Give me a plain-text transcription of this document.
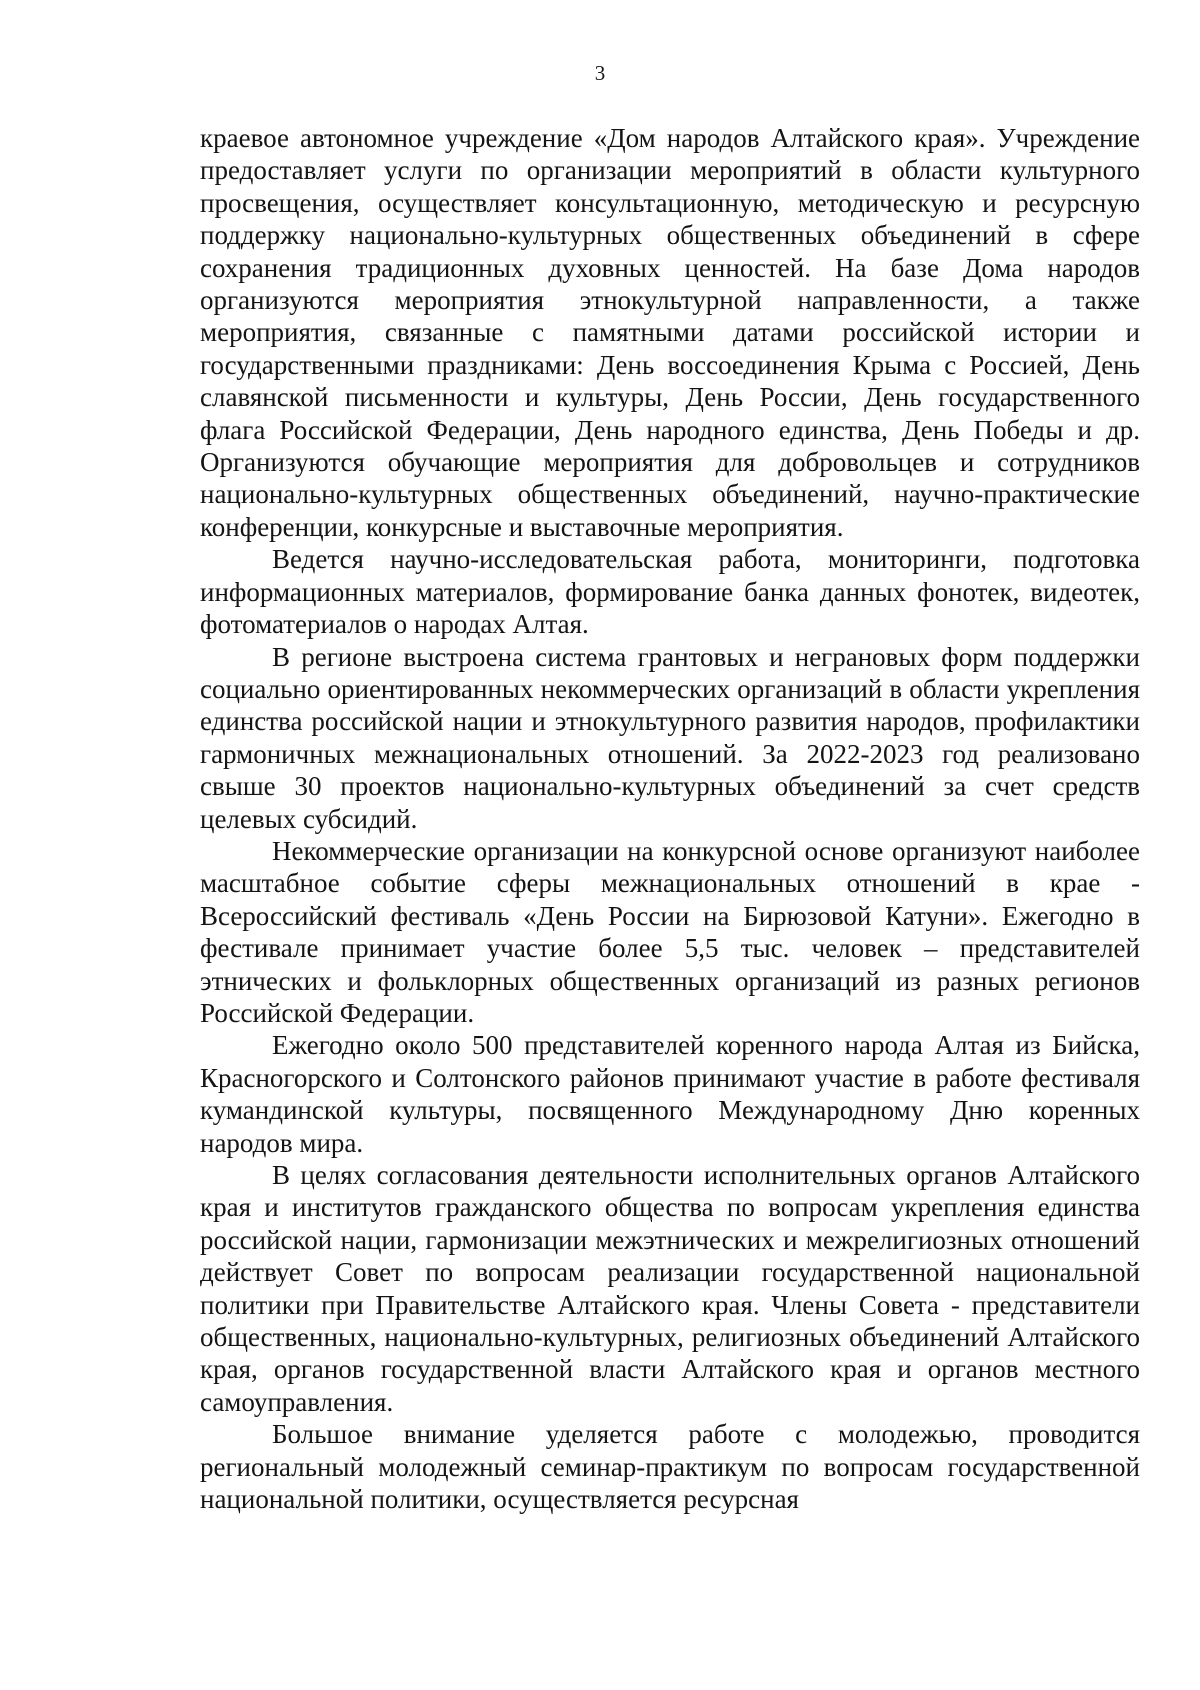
3

краевое автономное учреждение «Дом народов Алтайского края». Учреждение предоставляет услуги по организации мероприятий в области культурного просвещения, осуществляет консультационную, методическую и ресурсную поддержку национально-культурных общественных объединений в сфере сохранения традиционных духовных ценностей. На базе Дома народов организуются мероприятия этнокультурной направленности, а также мероприятия, связанные с памятными датами российской истории и государственными праздниками: День воссоединения Крыма с Россией, День славянской письменности и культуры, День России, День государственного флага Российской Федерации, День народного единства, День Победы и др. Организуются обучающие мероприятия для добровольцев и сотрудников национально-культурных общественных объединений, научно-практические конференции, конкурсные и выставочные мероприятия.

Ведется научно-исследовательская работа, мониторинги, подготовка информационных материалов, формирование банка данных фонотек, видеотек, фотоматериалов о народах Алтая.

В регионе выстроена система грантовых и неграновых форм поддержки социально ориентированных некоммерческих организаций в области укрепления единства российской нации и этнокультурного развития народов, профилактики гармоничных межнациональных отношений. За 2022-2023 год реализовано свыше 30 проектов национально-культурных объединений за счет средств целевых субсидий.

Некоммерческие организации на конкурсной основе организуют наиболее масштабное событие сферы межнациональных отношений в крае - Всероссийский фестиваль «День России на Бирюзовой Катуни». Ежегодно в фестивале принимает участие более 5,5 тыс. человек – представителей этнических и фольклорных общественных организаций из разных регионов Российской Федерации.

Ежегодно около 500 представителей коренного народа Алтая из Бийска, Красногорского и Солтонского районов принимают участие в работе фестиваля кумандинской культуры, посвященного Международному Дню коренных народов мира.

В целях согласования деятельности исполнительных органов Алтайского края и институтов гражданского общества по вопросам укрепления единства российской нации, гармонизации межэтнических и межрелигиозных отношений действует Совет по вопросам реализации государственной национальной политики при Правительстве Алтайского края. Члены Совета - представители общественных, национально-культурных, религиозных объединений Алтайского края, органов государственной власти Алтайского края и органов местного самоуправления.

Большое внимание уделяется работе с молодежью, проводится региональный молодежный семинар-практикум по вопросам государственной национальной политики, осуществляется ресурсная
